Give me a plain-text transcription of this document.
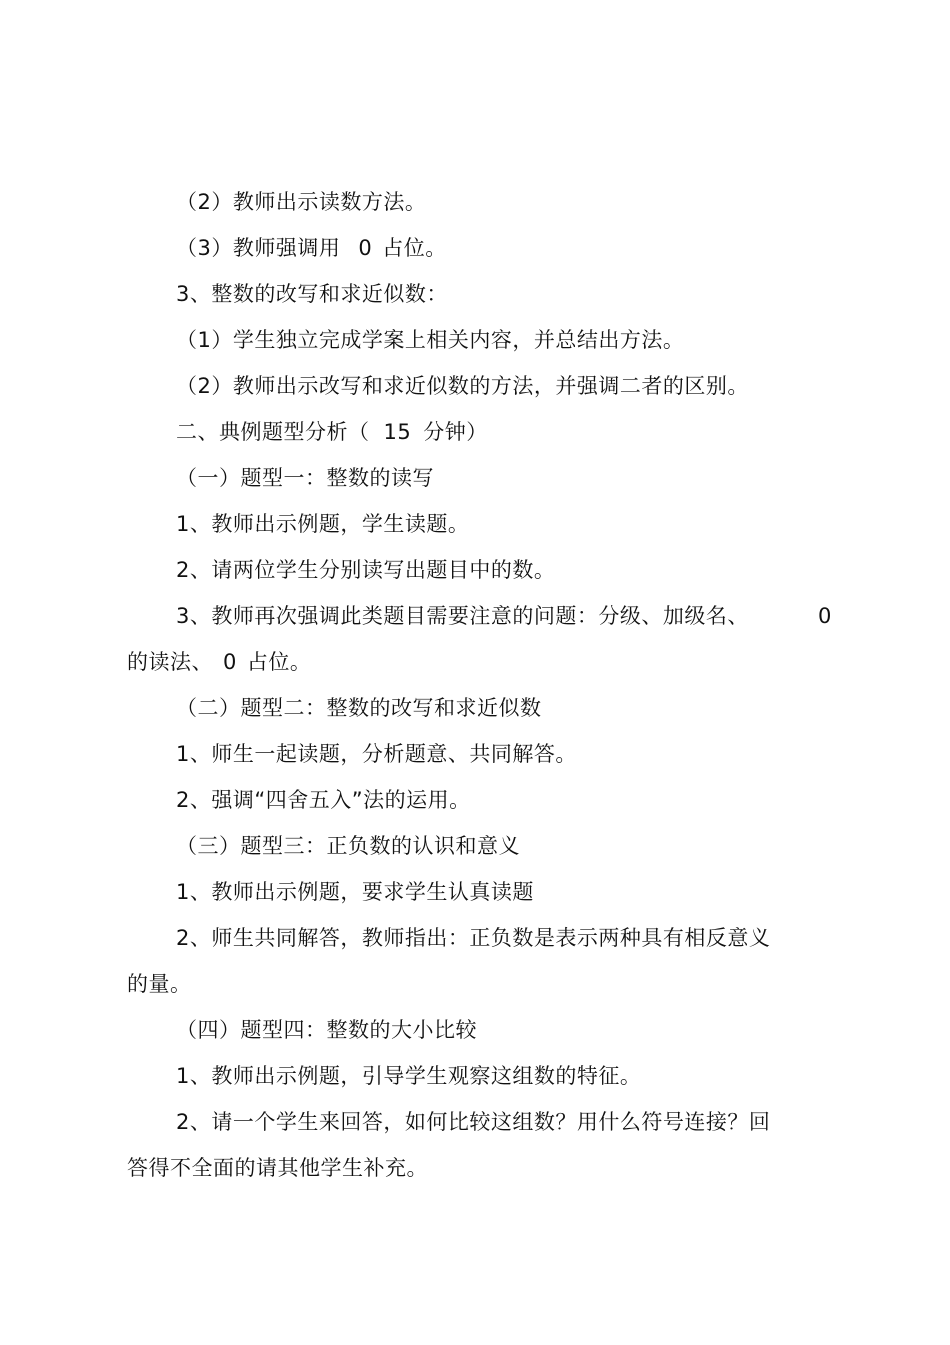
（2）教师出示读数方法。
（3）教师强调用 0 占位。
3、整数的改写和求近似数：
（1）学生独立完成学案上相关内容，并总结出方法。
（2）教师出示改写和求近似数的方法，并强调二者的区别。
二、典例题型分析（ 15 分钟）
（一）题型一：整数的读写
1、教师出示例题，学生读题。
2、请两位学生分别读写出题目中的数。
3、教师再次强调此类题目需要注意的问题：分级、加级名、	0
的读法、 0 占位。
（二）题型二：整数的改写和求近似数
1、师生一起读题，分析题意、共同解答。
2、强调“四舍五入”法的运用。
（三）题型三：正负数的认识和意义
1、教师出示例题，要求学生认真读题
2、师生共同解答，教师指出：正负数是表示两种具有相反意义
的量。
（四）题型四：整数的大小比较
1、教师出示例题，引导学生观察这组数的特征。
2、请一个学生来回答，如何比较这组数？用什么符号连接？回
答得不全面的请其他学生补充。
